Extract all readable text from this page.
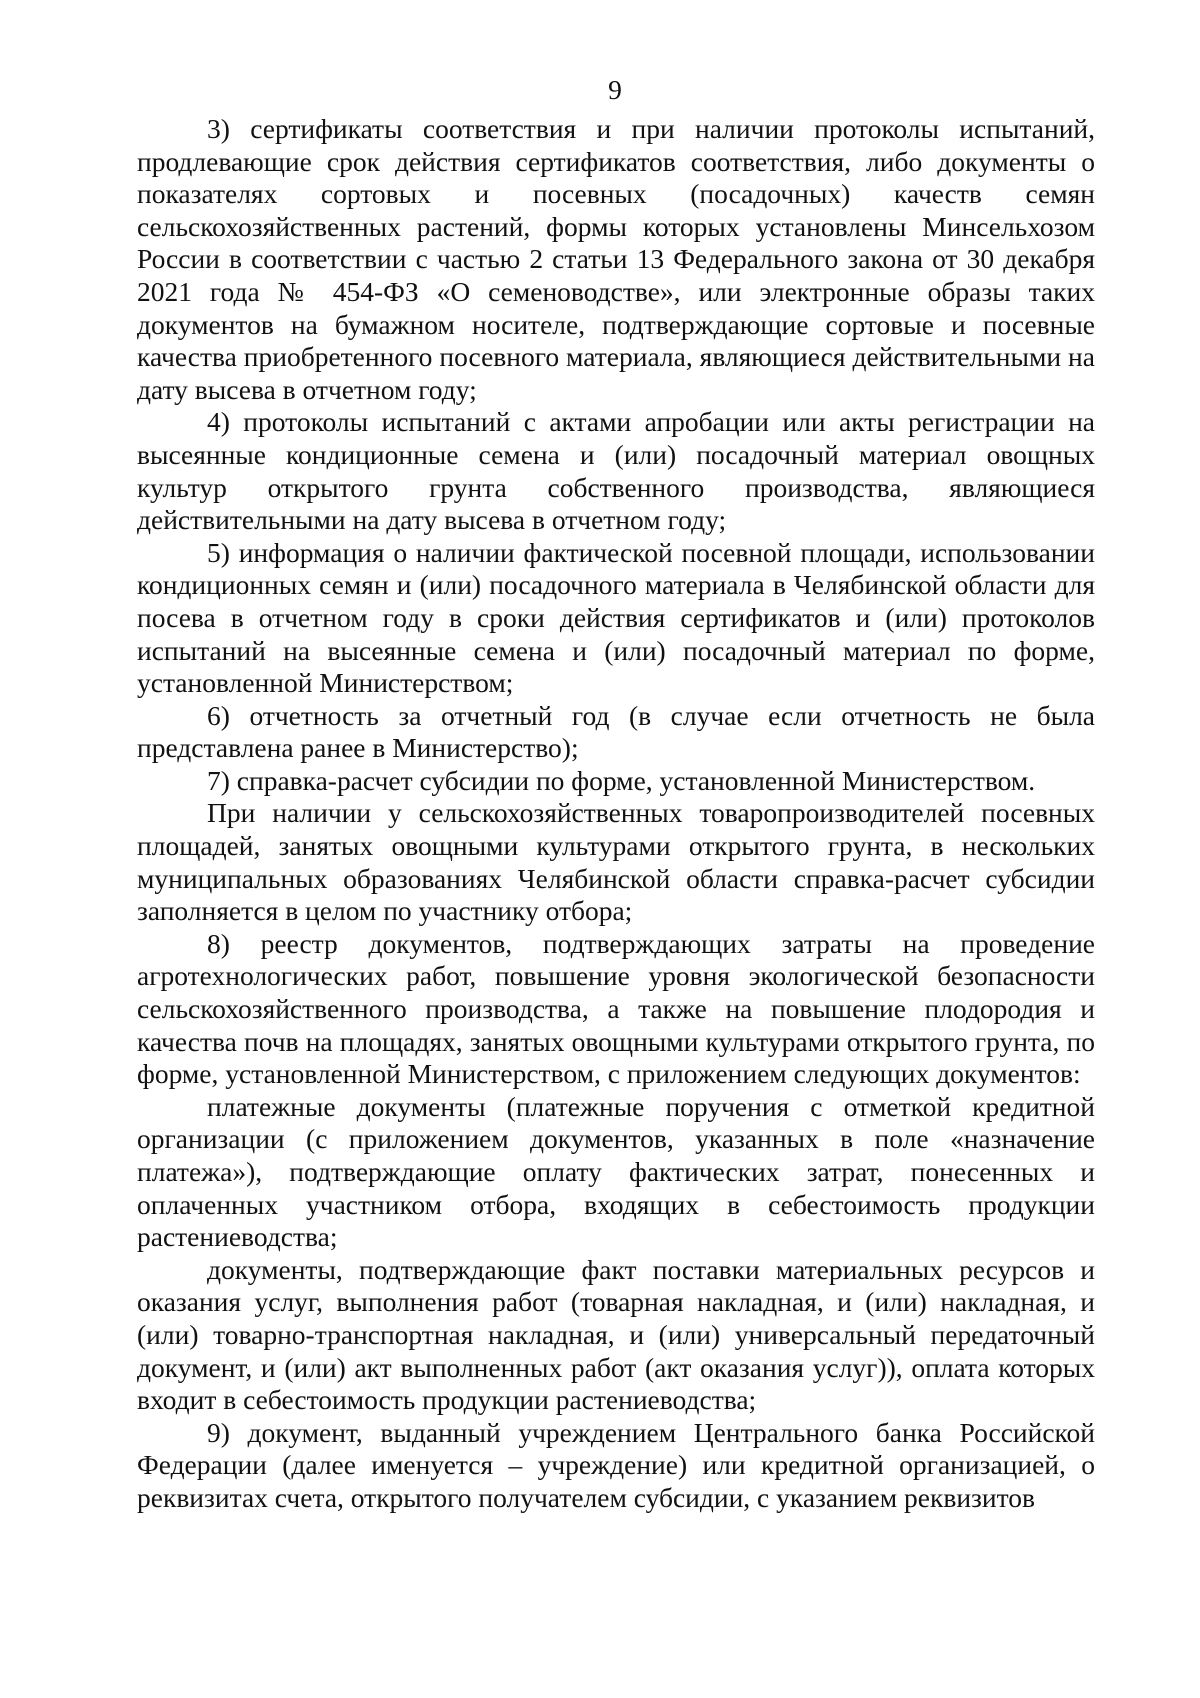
9

3) сертификаты соответствия и при наличии протоколы испытаний, продлевающие срок действия сертификатов соответствия, либо документы о показателях сортовых и посевных (посадочных) качеств семян сельскохозяйственных растений, формы которых установлены Минсельхозом России в соответствии с частью 2 статьи 13 Федерального закона от 30 декабря 2021 года № 454-ФЗ «О семеноводстве», или электронные образы таких документов на бумажном носителе, подтверждающие сортовые и посевные качества приобретенного посевного материала, являющиеся действительными на дату высева в отчетном году;

4) протоколы испытаний с актами апробации или акты регистрации на высеянные кондиционные семена и (или) посадочный материал овощных культур открытого грунта собственного производства, являющиеся действительными на дату высева в отчетном году;

5) информация о наличии фактической посевной площади, использовании кондиционных семян и (или) посадочного материала в Челябинской области для посева в отчетном году в сроки действия сертификатов и (или) протоколов испытаний на высеянные семена и (или) посадочный материал по форме, установленной Министерством;

6) отчетность за отчетный год (в случае если отчетность не была представлена ранее в Министерство);

7) справка-расчет субсидии по форме, установленной Министерством.

При наличии у сельскохозяйственных товаропроизводителей посевных площадей, занятых овощными культурами открытого грунта, в нескольких муниципальных образованиях Челябинской области справка-расчет субсидии заполняется в целом по участнику отбора;

8) реестр документов, подтверждающих затраты на проведение агротехнологических работ, повышение уровня экологической безопасности сельскохозяйственного производства, а также на повышение плодородия и качества почв на площадях, занятых овощными культурами открытого грунта, по форме, установленной Министерством, с приложением следующих документов:

платежные документы (платежные поручения с отметкой кредитной организации (с приложением документов, указанных в поле «назначение платежа»), подтверждающие оплату фактических затрат, понесенных и оплаченных участником отбора, входящих в себестоимость продукции растениеводства;

документы, подтверждающие факт поставки материальных ресурсов и оказания услуг, выполнения работ (товарная накладная, и (или) накладная, и (или) товарно-транспортная накладная, и (или) универсальный передаточный документ, и (или) акт выполненных работ (акт оказания услуг)), оплата которых входит в себестоимость продукции растениеводства;

9) документ, выданный учреждением Центрального банка Российской Федерации (далее именуется – учреждение) или кредитной организацией, о реквизитах счета, открытого получателем субсидии, с указанием реквизитов
